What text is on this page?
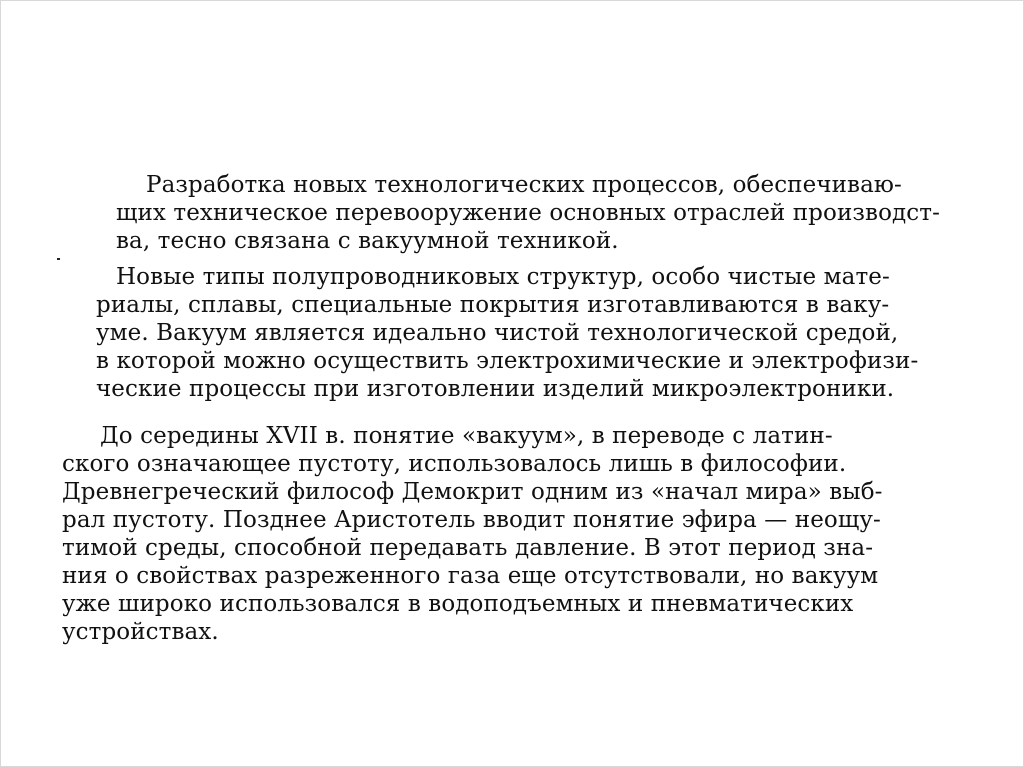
Разработка новых технологических процессов, обеспечиваю-
щих техническое перевооружение основных отраслей производст-
ва, тесно связана с вакуумной техникой.
Новые типы полупроводниковых структур, особо чистые мате-
риалы, сплавы, специальные покрытия изготавливаются в ваку-
уме. Вакуум является идеально чистой технологической средой,
в которой можно осуществить электрохимические и электрофизи-
ческие процессы при изготовлении изделий микроэлектроники.
До середины XVII в. понятие «вакуум», в переводе с латин-
ского означающее пустоту, использовалось лишь в философии.
Древнегреческий философ Демокрит одним из «начал мира» выб-
рал пустоту. Позднее Аристотель вводит понятие эфира — неощу-
тимой среды, способной передавать давление. В этот период зна-
ния о свойствах разреженного газа еще отсутствовали, но вакуум
уже широко использовался в водоподъемных и пневматических
устройствах.
